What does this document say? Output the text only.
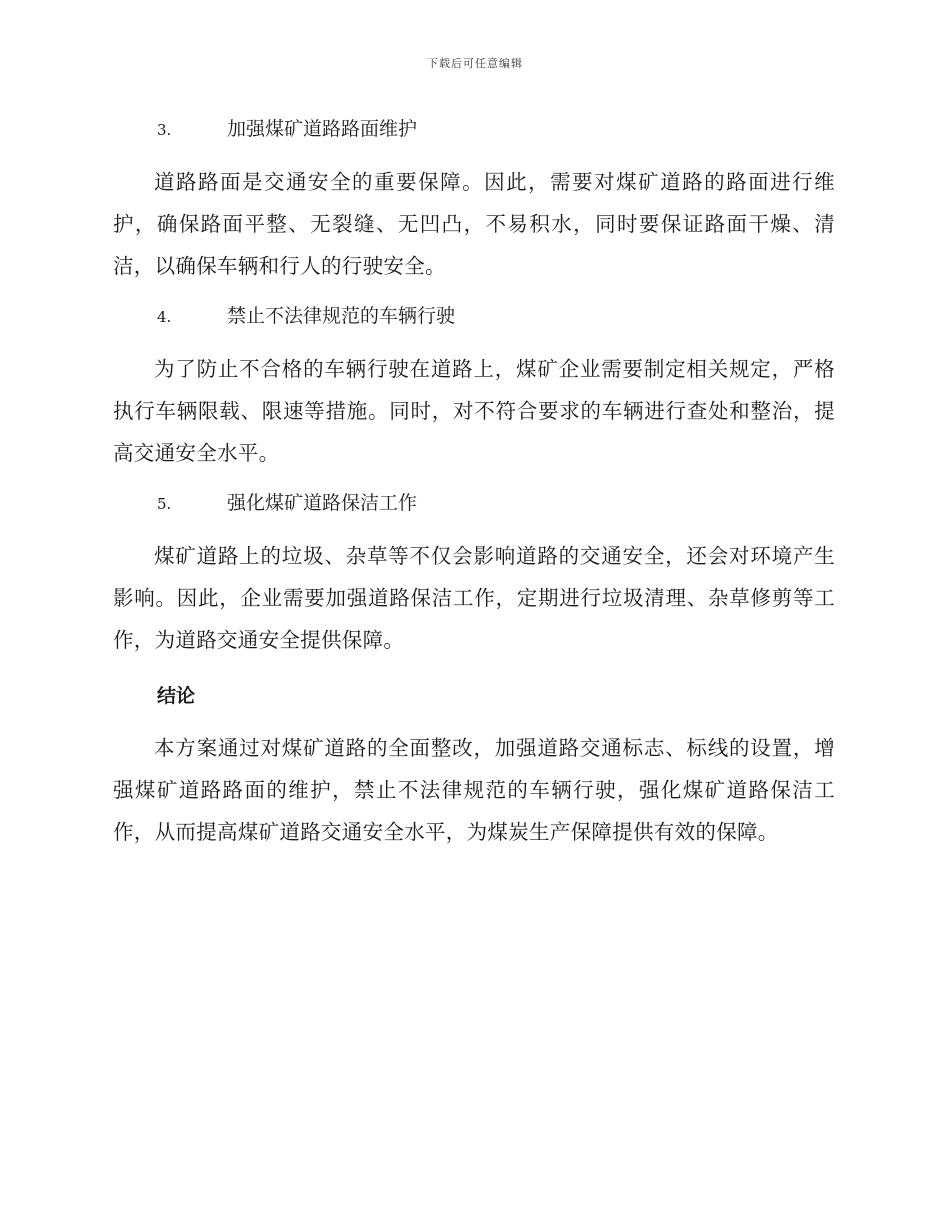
下载后可任意编辑
3.	加强煤矿道路路面维护

道路路面是交通安全的重要保障。因此，需要对煤矿道路的路面进行维护，确保路面平整、无裂缝、无凹凸，不易积水，同时要保证路面干燥、清洁，以确保车辆和行人的行驶安全。

4.	禁止不法律规范的车辆行驶

为了防止不合格的车辆行驶在道路上，煤矿企业需要制定相关规定，严格执行车辆限载、限速等措施。同时，对不符合要求的车辆进行查处和整治，提高交通安全水平。

5.	强化煤矿道路保洁工作

煤矿道路上的垃圾、杂草等不仅会影响道路的交通安全，还会对环境产生影响。因此，企业需要加强道路保洁工作，定期进行垃圾清理、杂草修剪等工作，为道路交通安全提供保障。

结论

本方案通过对煤矿道路的全面整改，加强道路交通标志、标线的设置，增强煤矿道路路面的维护，禁止不法律规范的车辆行驶，强化煤矿道路保洁工作，从而提高煤矿道路交通安全水平，为煤炭生产保障提供有效的保障。
